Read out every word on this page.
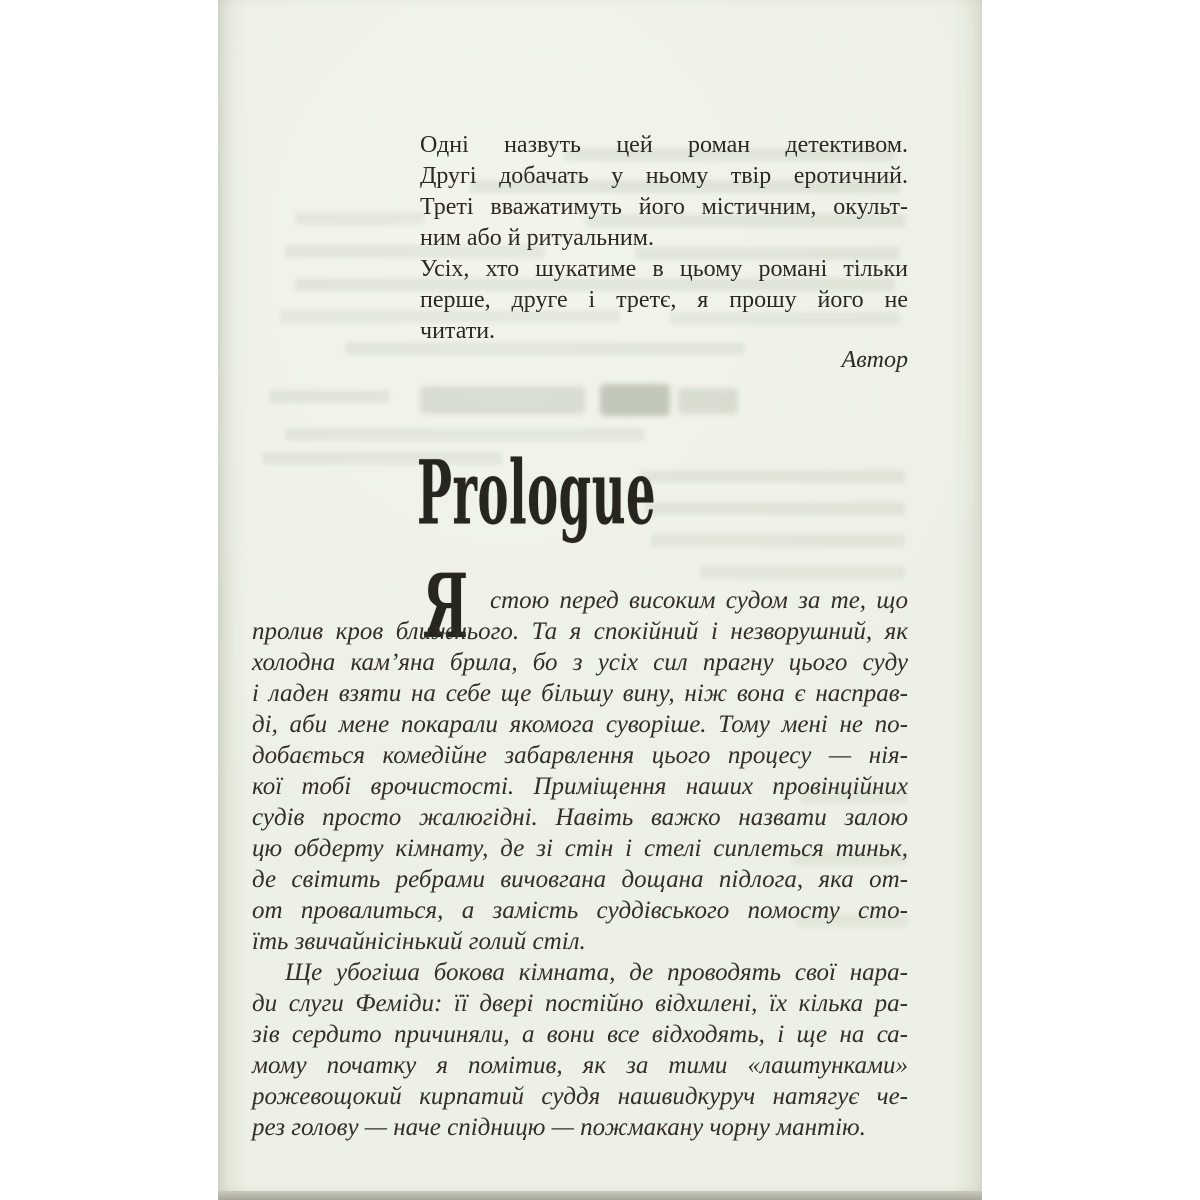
Одні назвуть цей роман детективом.
Другі добачать у ньому твір еротичний.
Треті вважатимуть його містичним, окульт-
ним або й ритуальним.
Усіх, хто шукатиме в цьому романі тільки
перше, друге і третє, я прошу його не
читати.
Автор
Prologue
Я стою перед високим судом за те, що
пролив кров ближнього. Та я спокійний і незворушний, як
холодна кам’яна брила, бо з усіх сил прагну цього суду
і ладен взяти на себе ще більшу вину, ніж вона є насправ-
ді, аби мене покарали якомога суворіше. Тому мені не по-
добається комедійне забарвлення цього процесу — нія-
кої тобі врочистості. Приміщення наших провінційних
судів просто жалюгідні. Навіть важко назвати залою
цю обдерту кімнату, де зі стін і стелі сиплеться тиньк,
де світить ребрами вичовгана дощана підлога, яка от-
от провалиться, а замість суддівського помосту сто-
їть звичайнісінький голий стіл.
Ще убогіша бокова кімната, де проводять свої нара-
ди слуги Феміди: її двері постійно відхилені, їх кілька ра-
зів сердито причиняли, а вони все відходять, і ще на са-
мому початку я помітив, як за тими «лаштунками»
рожевощокий кирпатий суддя нашвидкуруч натягує че-
рез голову — наче спідницю — пожмакану чорну мантію.
